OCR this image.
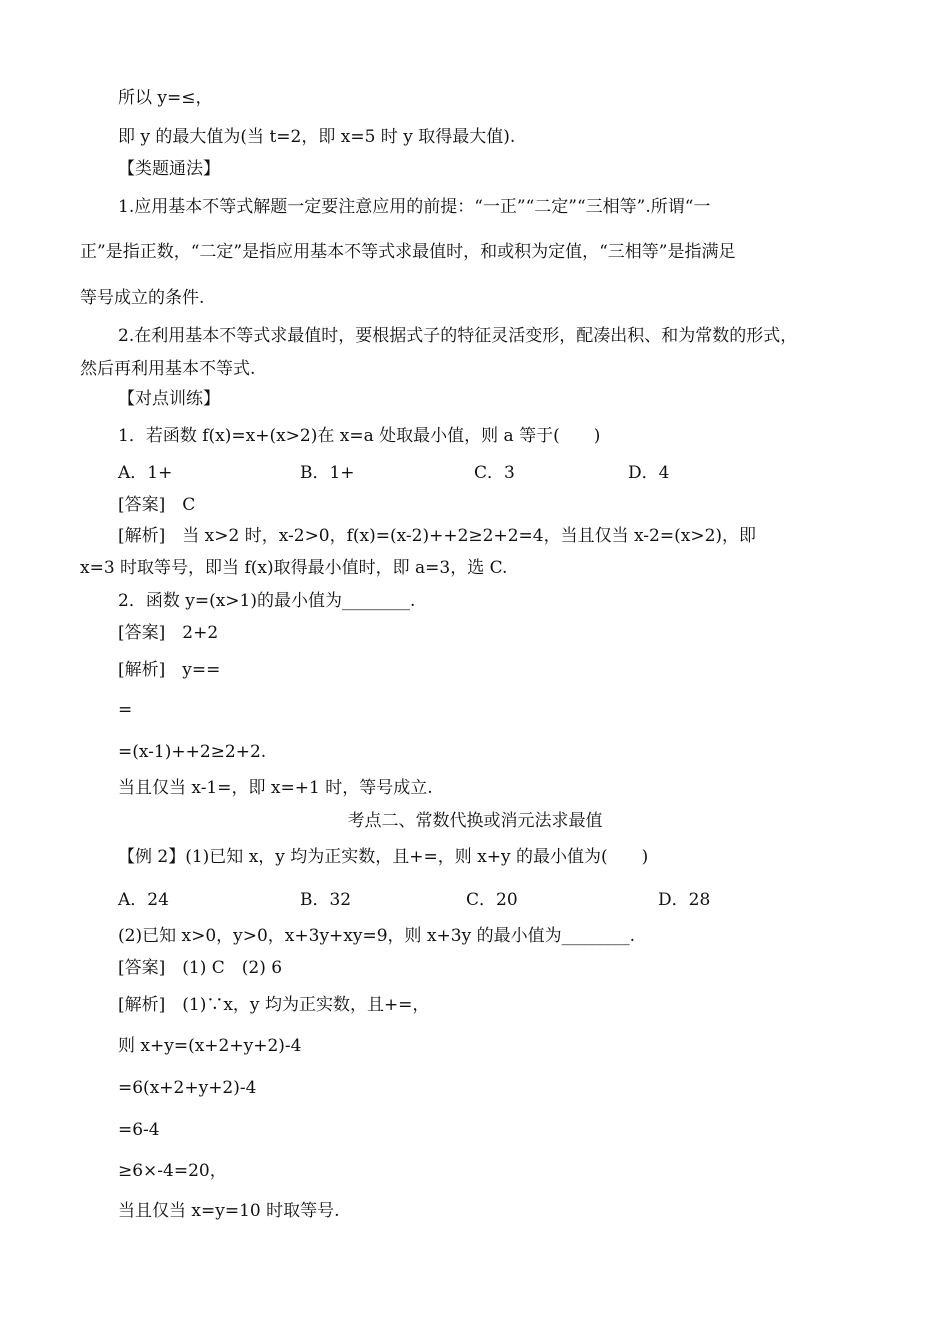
所以 y=≤，
即 y 的最大值为(当 t=2，即 x=5 时 y 取得最大值).
【类题通法】
1.应用基本不等式解题一定要注意应用的前提：“一正”“二定”“三相等”.所谓“一
正”是指正数，“二定”是指应用基本不等式求最值时，和或积为定值，“三相等”是指满足
等号成立的条件.
2.在利用基本不等式求最值时，要根据式子的特征灵活变形，配凑出积、和为常数的形式，
然后再利用基本不等式.
【对点训练】
1．若函数 f(x)=x+(x>2)在 x=a 处取最小值，则 a 等于(　　)
A．1+	B．1+	C．3	D．4
[答案]　C
[解析]　当 x>2 时，x-2>0，f(x)=(x-2)++2≥2+2=4，当且仅当 x-2=(x>2)，即
x=3 时取等号，即当 f(x)取得最小值时，即 a=3，选 C.
2．函数 y=(x>1)的最小值为________.
[答案]　2+2
[解析]　y==
=
=(x-1)++2≥2+2.
当且仅当 x-1=，即 x=+1 时，等号成立.
考点二、常数代换或消元法求最值
【例 2】(1)已知 x，y 均为正实数，且+=，则 x+y 的最小值为(　　)
A．24	B．32	C．20	D．28
(2)已知 x>0，y>0，x+3y+xy=9，则 x+3y 的最小值为________.
[答案]　(1) C　(2) 6
[解析]　(1)∵x，y 均为正实数，且+=，
则 x+y=(x+2+y+2)-4
=6(x+2+y+2)-4
=6-4
≥6×-4=20，
当且仅当 x=y=10 时取等号.
